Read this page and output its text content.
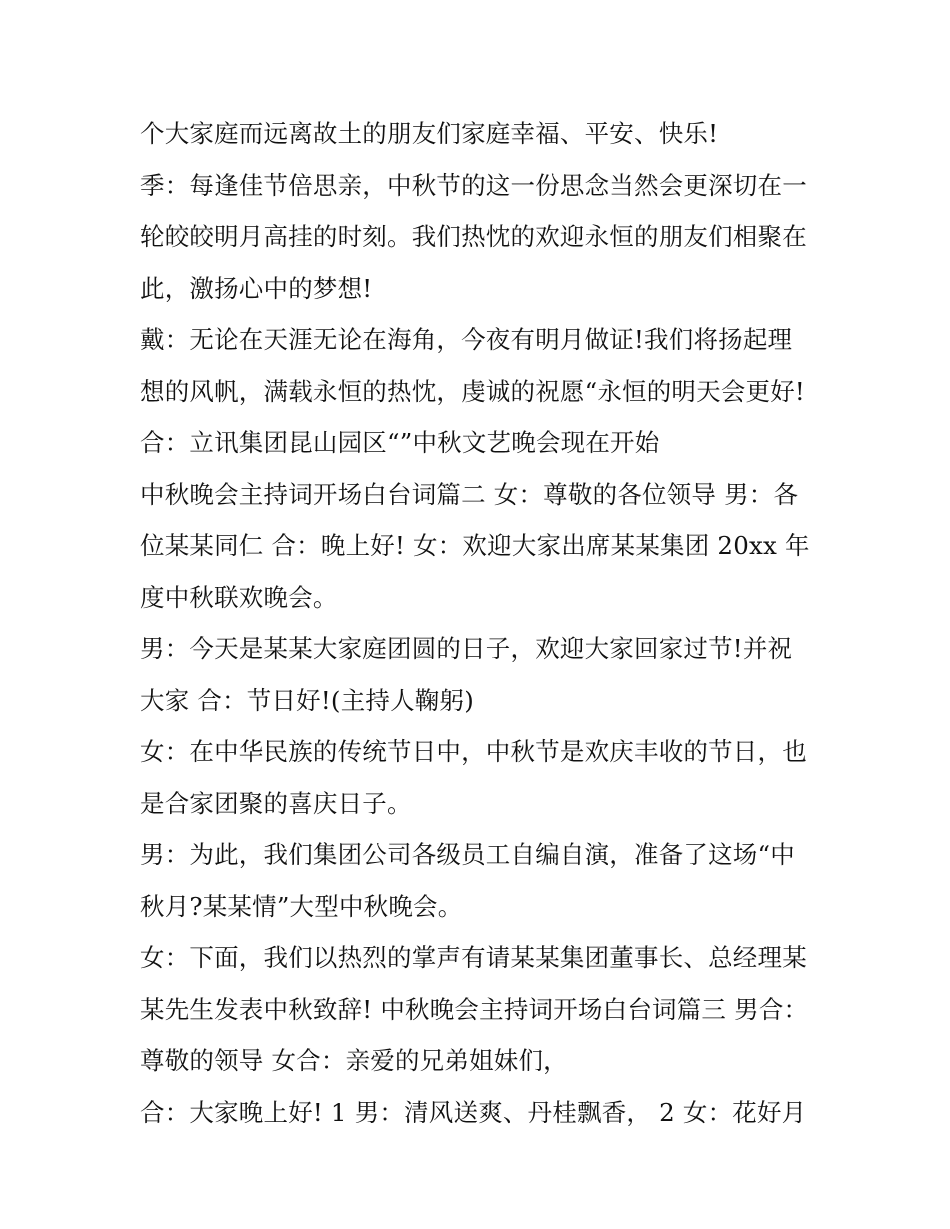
个大家庭而远离故土的朋友们家庭幸福、平安、快乐!
季：每逢佳节倍思亲，中秋节的这一份思念当然会更深切在一
轮皎皎明月高挂的时刻。我们热忱的欢迎永恒的朋友们相聚在
此，激扬心中的梦想!
戴：无论在天涯无论在海角，今夜有明月做证!我们将扬起理
想的风帆，满载永恒的热忱，虔诚的祝愿“永恒的明天会更好!
合：立讯集团昆山园区“”中秋文艺晚会现在开始
中秋晚会主持词开场白台词篇二 女：尊敬的各位领导 男：各
位某某同仁 合：晚上好! 女：欢迎大家出席某某集团 20xx 年
度中秋联欢晚会。
男：今天是某某大家庭团圆的日子，欢迎大家回家过节!并祝
大家 合：节日好!(主持人鞠躬)
女：在中华民族的传统节日中，中秋节是欢庆丰收的节日，也
是合家团聚的喜庆日子。
男：为此，我们集团公司各级员工自编自演，准备了这场“中
秋月?某某情”大型中秋晚会。
女：下面，我们以热烈的掌声有请某某集团董事长、总经理某
某先生发表中秋致辞! 中秋晚会主持词开场白台词篇三 男合：
尊敬的领导 女合：亲爱的兄弟姐妹们，
合：大家晚上好! 1 男：清风送爽、丹桂飘香， 2 女：花好月
